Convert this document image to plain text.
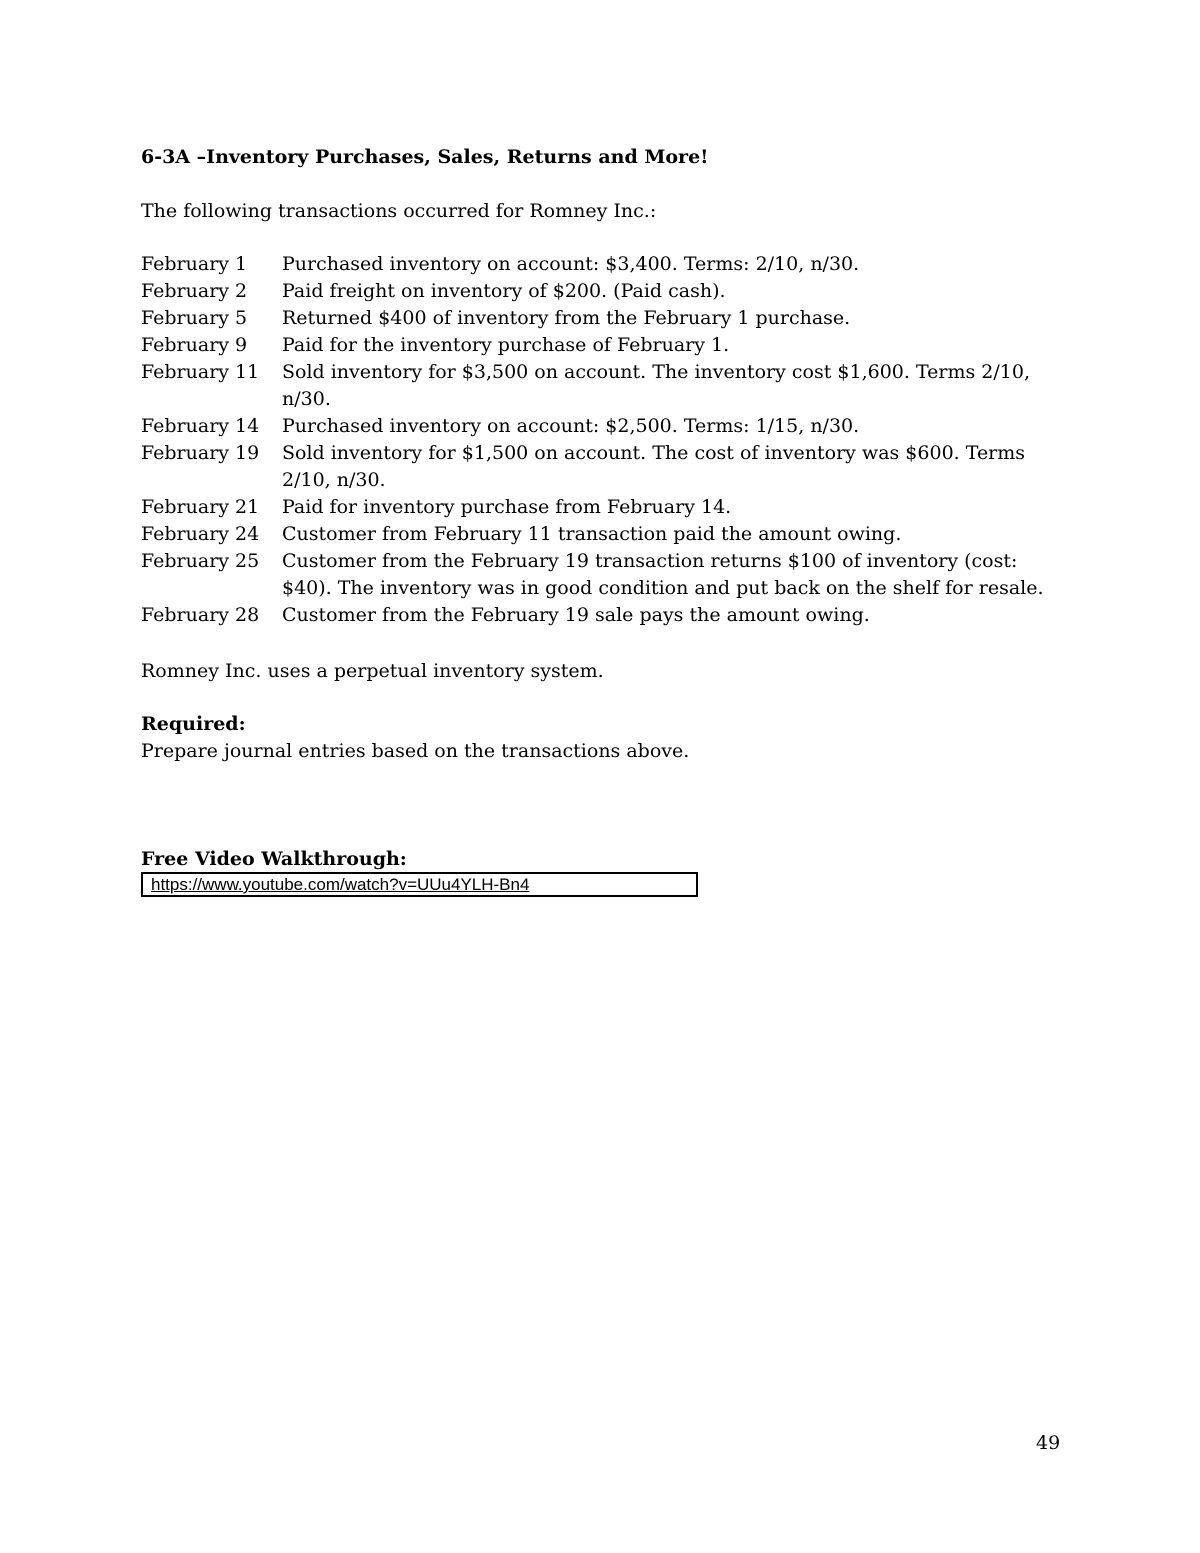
6-3A –Inventory Purchases, Sales, Returns and More!
The following transactions occurred for Romney Inc.:
February 1	Purchased inventory on account: $3,400. Terms: 2/10, n/30.
February 2	Paid freight on inventory of $200. (Paid cash).
February 5	Returned $400 of inventory from the February 1 purchase.
February 9	Paid for the inventory purchase of February 1.
February 11	Sold inventory for $3,500 on account. The inventory cost $1,600. Terms 2/10, n/30.
February 14	Purchased inventory on account: $2,500. Terms: 1/15, n/30.
February 19	Sold inventory for $1,500 on account. The cost of inventory was $600. Terms 2/10, n/30.
February 21	Paid for inventory purchase from February 14.
February 24	Customer from February 11 transaction paid the amount owing.
February 25	Customer from the February 19 transaction returns $100 of inventory (cost: $40). The inventory was in good condition and put back on the shelf for resale.
February 28	Customer from the February 19 sale pays the amount owing.
Romney Inc. uses a perpetual inventory system.
Required:
Prepare journal entries based on the transactions above.
Free Video Walkthrough:
https://www.youtube.com/watch?v=UUu4YLH-Bn4
49
